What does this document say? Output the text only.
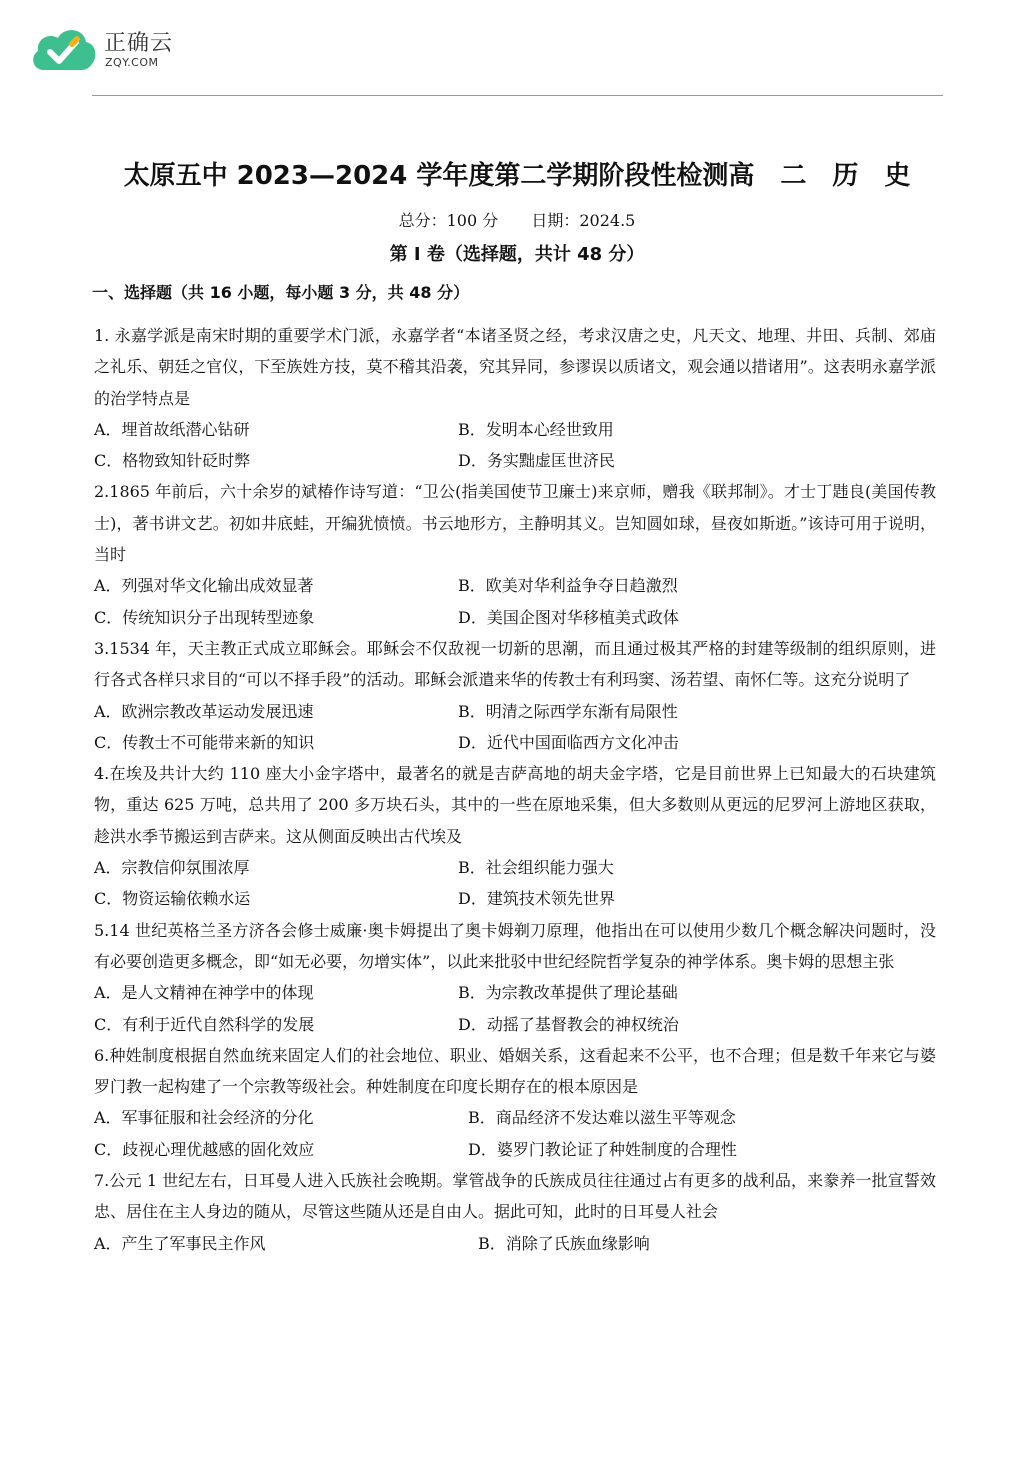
正确云
ZQY.COM
太原五中 2023—2024 学年度第二学期阶段性检测高　二　历　史
总分：100 分 日期：2024.5
第 I 卷（选择题，共计 48 分）
一、选择题（共 16 小题，每小题 3 分，共 48 分）
1. 永嘉学派是南宋时期的重要学术门派，永嘉学者“本诸圣贤之经，考求汉唐之史，凡天文、地理、井田、兵制、郊庙之礼乐、朝廷之官仪，下至族姓方技，莫不稽其沿袭，究其异同，参谬误以质诸文，观会通以措诸用”。这表明永嘉学派的治学特点是
A．埋首故纸潜心钻研	B．发明本心经世致用
C．格物致知针砭时弊	D．务实黜虚匡世济民
2.1865 年前后，六十余岁的斌椿作诗写道：“卫公(指美国使节卫廉士)来京师，赠我《联邦制》。才士丁韪良(美国传教士)，著书讲文艺。初如井底蛙，开编犹愤愤。书云地形方，主静明其义。岂知圆如球，昼夜如斯逝。”该诗可用于说明，当时
A．列强对华文化输出成效显著	B．欧美对华利益争夺日趋激烈
C．传统知识分子出现转型迹象	D．美国企图对华移植美式政体
3.1534 年，天主教正式成立耶稣会。耶稣会不仅敌视一切新的思潮，而且通过极其严格的封建等级制的组织原则，进行各式各样只求目的“可以不择手段”的活动。耶稣会派遣来华的传教士有利玛窦、汤若望、南怀仁等。这充分说明了
A．欧洲宗教改革运动发展迅速	B．明清之际西学东渐有局限性
C．传教士不可能带来新的知识	D．近代中国面临西方文化冲击
4.在埃及共计大约 110 座大小金字塔中，最著名的就是吉萨高地的胡夫金字塔，它是目前世界上已知最大的石块建筑物，重达 625 万吨，总共用了 200 多万块石头，其中的一些在原地采集，但大多数则从更远的尼罗河上游地区获取，趁洪水季节搬运到吉萨来。这从侧面反映出古代埃及
A．宗教信仰氛围浓厚	B．社会组织能力强大
C．物资运输依赖水运	D．建筑技术领先世界
5.14 世纪英格兰圣方济各会修士威廉·奥卡姆提出了奥卡姆剃刀原理，他指出在可以使用少数几个概念解决问题时，没有必要创造更多概念，即“如无必要，勿增实体”，以此来批驳中世纪经院哲学复杂的神学体系。奥卡姆的思想主张
A．是人文精神在神学中的体现	B．为宗教改革提供了理论基础
C．有利于近代自然科学的发展	D．动摇了基督教会的神权统治
6.种姓制度根据自然血统来固定人们的社会地位、职业、婚姻关系，这看起来不公平，也不合理；但是数千年来它与婆罗门教一起构建了一个宗教等级社会。种姓制度在印度长期存在的根本原因是
A．军事征服和社会经济的分化	B．商品经济不发达难以滋生平等观念
C．歧视心理优越感的固化效应	D．婆罗门教论证了种姓制度的合理性
7.公元 1 世纪左右，日耳曼人进入氏族社会晚期。掌管战争的氏族成员往往通过占有更多的战利品，来豢养一批宣誓效忠、居住在主人身边的随从，尽管这些随从还是自由人。据此可知，此时的日耳曼人社会
A．产生了军事民主作风	B．消除了氏族血缘影响
